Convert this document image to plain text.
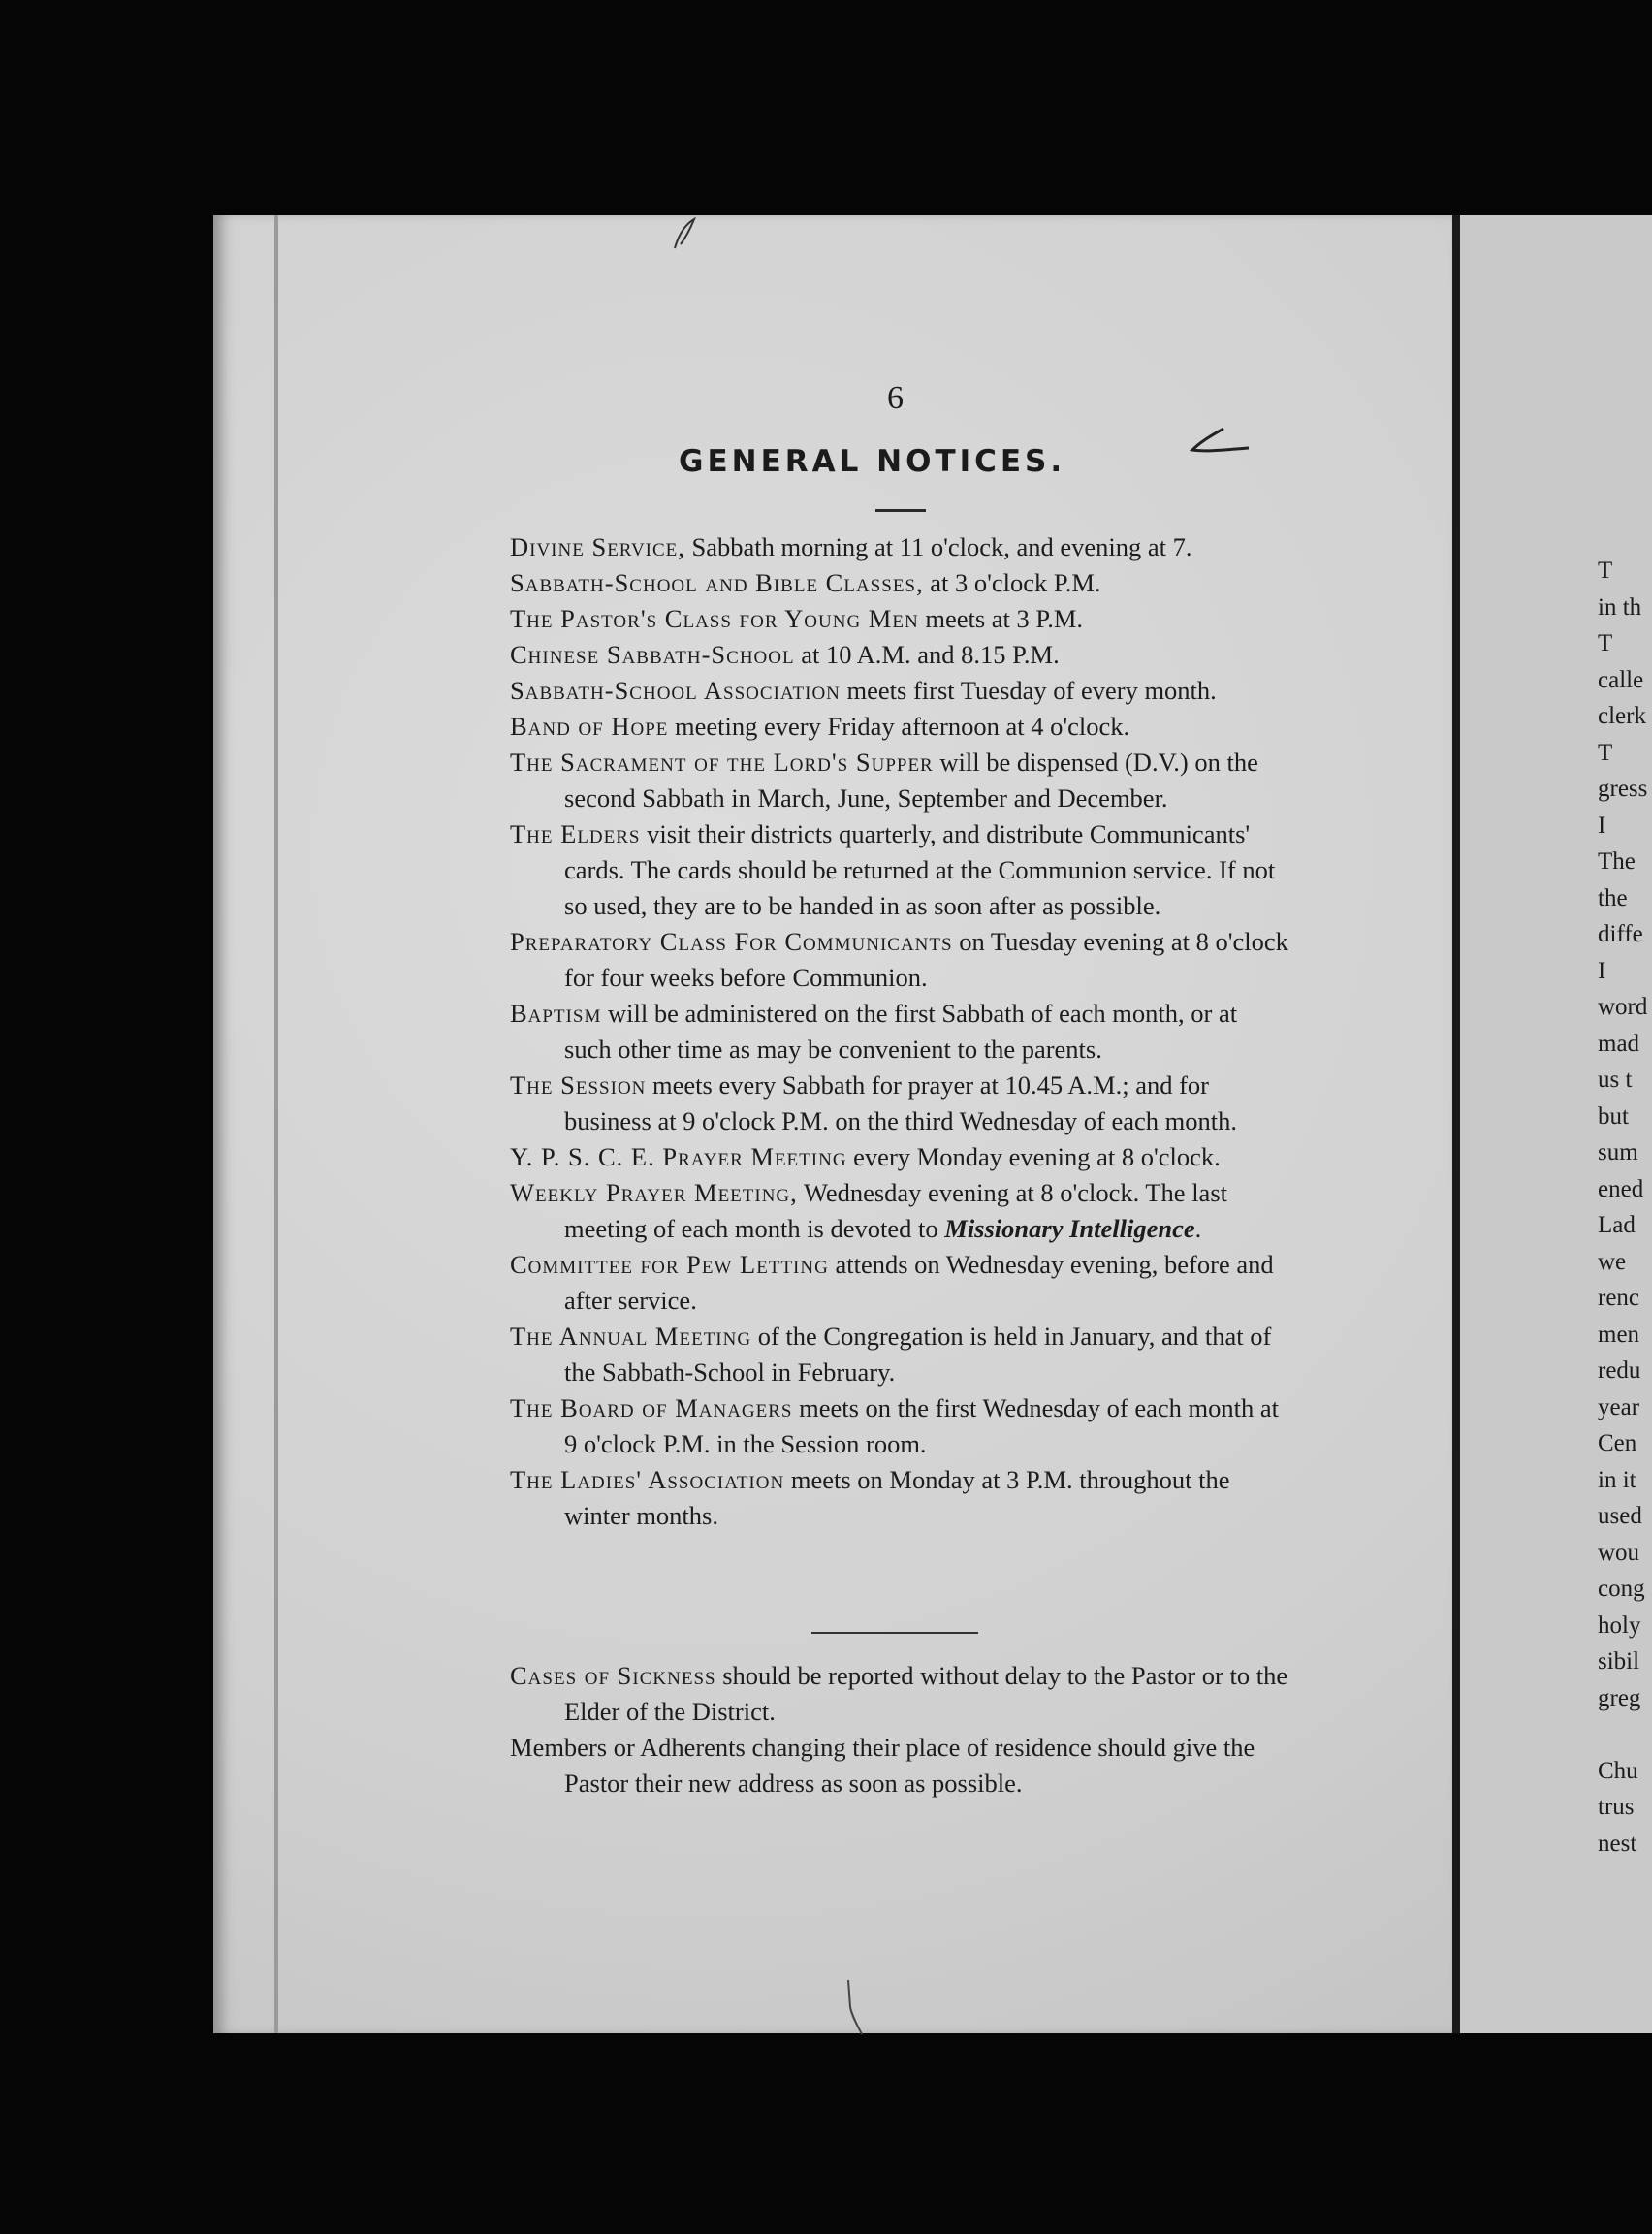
6
GENERAL NOTICES.

Divine Service, Sabbath morning at 11 o'clock, and evening at 7.

Sabbath-School and Bible Classes, at 3 o'clock P.M.

The Pastor's Class for Young Men meets at 3 P.M.

Chinese Sabbath-School at 10 A.M. and 8.15 P.M.

Sabbath-School Association meets first Tuesday of every month.

Band of Hope meeting every Friday afternoon at 4 o'clock.

The Sacrament of the Lord's Supper will be dispensed (D.V.) on the second Sabbath in March, June, September and December.

The Elders visit their districts quarterly, and distribute Communicants' cards. The cards should be returned at the Communion service. If not so used, they are to be handed in as soon after as possible.

Preparatory Class For Communicants on Tuesday evening at 8 o'clock for four weeks before Communion.

Baptism will be administered on the first Sabbath of each month, or at such other time as may be convenient to the parents.

The Session meets every Sabbath for prayer at 10.45 A.M.; and for business at 9 o'clock P.M. on the third Wednesday of each month.

Y. P. S. C. E. Prayer Meeting every Monday evening at 8 o'clock.

Weekly Prayer Meeting, Wednesday evening at 8 o'clock. The last meeting of each month is devoted to Missionary Intelligence.

Committee for Pew Letting attends on Wednesday evening, before and after service.

The Annual Meeting of the Congregation is held in January, and that of the Sabbath-School in February.

The Board of Managers meets on the first Wednesday of each month at 9 o'clock P.M. in the Session room.

The Ladies' Association meets on Monday at 3 P.M. throughout the winter months.

Cases of Sickness should be reported without delay to the Pastor or to the Elder of the District.

Members or Adherents changing their place of residence should give the Pastor their new address as soon as possible.

T
in th
T
calle
clerk
T
gress
I
The
the
diffe
I
word
mad
us t
but
sum
ened
Lad
we
renc
men
redu
year
Cen
in it
used
wou
cong
holy
sibil
greg
Chu
trus
nest
